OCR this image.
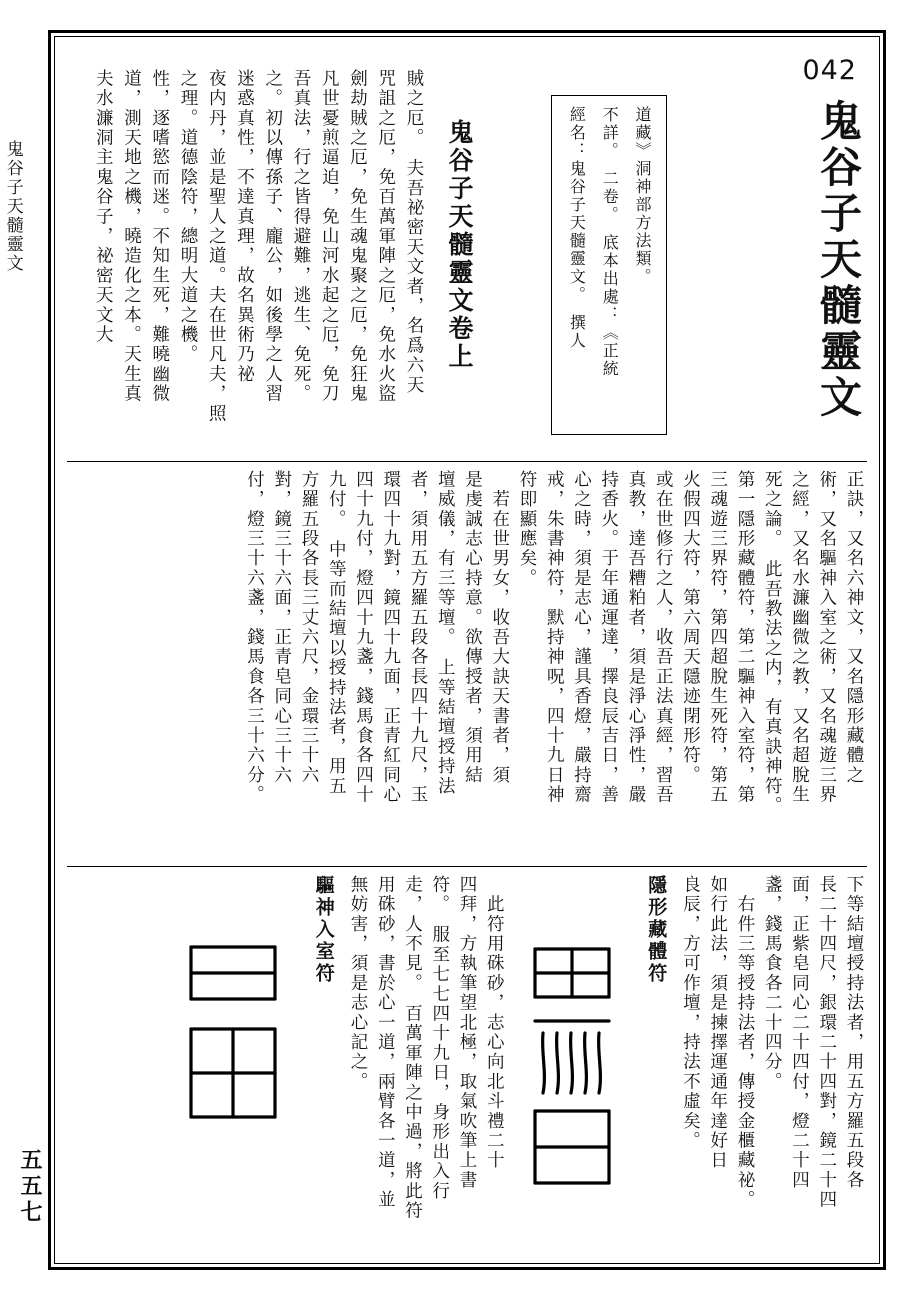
鬼谷子天髓靈文

五五七
042
鬼谷子天髓靈文
經名：鬼谷子天髓靈文。　撰人 不詳。　二卷。　底本出處：《正統 道藏》洞神部方法類。
鬼谷子天髓靈文卷上
夫水濂洞主鬼谷子，祕密天文大 道，測天地之機，曉造化之本。天生真 性，逐嗜慾而迷。不知生死，難曉幽微 之理。道德陰符，總明大道之機。 夜内丹，並是聖人之道。夫在世凡夫，照 迷惑真性，不達真理，故名異術乃祕 之。初以傳孫子、龐公，如後學之人習 吾真法，行之皆得避難，逃生、免死。 凡世憂煎逼迫，免山河水起之厄，免刀 劍劫賊之厄，免生魂鬼聚之厄，免狂鬼 咒詛之厄，免百萬軍陣之厄，免水火盜 賊之厄。　夫吾祕密天文者，名爲六天
正訣，又名六神文，又名隱形藏體之
術，又名驅神入室之術，又名魂遊三界
之經，又名水濂幽微之教，又名超脫生
死之論。　此吾教法之内，有真訣神符。
第一隱形藏體符，第二驅神入室符，第
三魂遊三界符，第四超脫生死符，第五
火假四大符，第六周天隱迹閉形符。
或在世修行之人，收吾正法真經，習吾
真教，達吾糟粕者，須是淨心淨性，嚴
持香火。于年通運達，擇良辰吉日，善
心之時，須是志心，謹具香燈，嚴持齋
戒，朱書神符，默持神呪，四十九日神
符即顯應矣。
　若在世男女，收吾大訣天書者，須
是虔誠志心持意。欲傳授者，須用結
壇威儀，有三等壇。　上等結壇授持法
者，須用五方羅五段各長四十九尺，玉
環四十九對，鏡四十九面，正青紅同心
四十九付，燈四十九盞，錢馬食各四十
九付。　中等而結壇以授持法者，用五
方羅五段各長三丈六尺，金環三十六
對，鏡三十六面，正青皂同心三十六
付，燈三十六盞，錢馬食各三十六分。
下等結壇授持法者，用五方羅五段各
長二十四尺，銀環二十四對，鏡二十四
面，正紫皂同心二十四付，燈二十四
盞，錢馬食各二十四分。
　右件三等授持法者，傳授金櫃藏祕。
如行此法，須是揀擇運通年達好日
良辰，方可作壇，持法不虛矣。
隱形藏體符
　此符用硃砂，志心向北斗禮二十
四拜，方執筆望北極，取氣吹筆上書
符。　服至七七四十九日，身形出入行
走，人不見。　百萬軍陣之中過，將此符
用硃砂，書於心一道，兩臂各一道，並
無妨害，須是志心記之。
驅神入室符
